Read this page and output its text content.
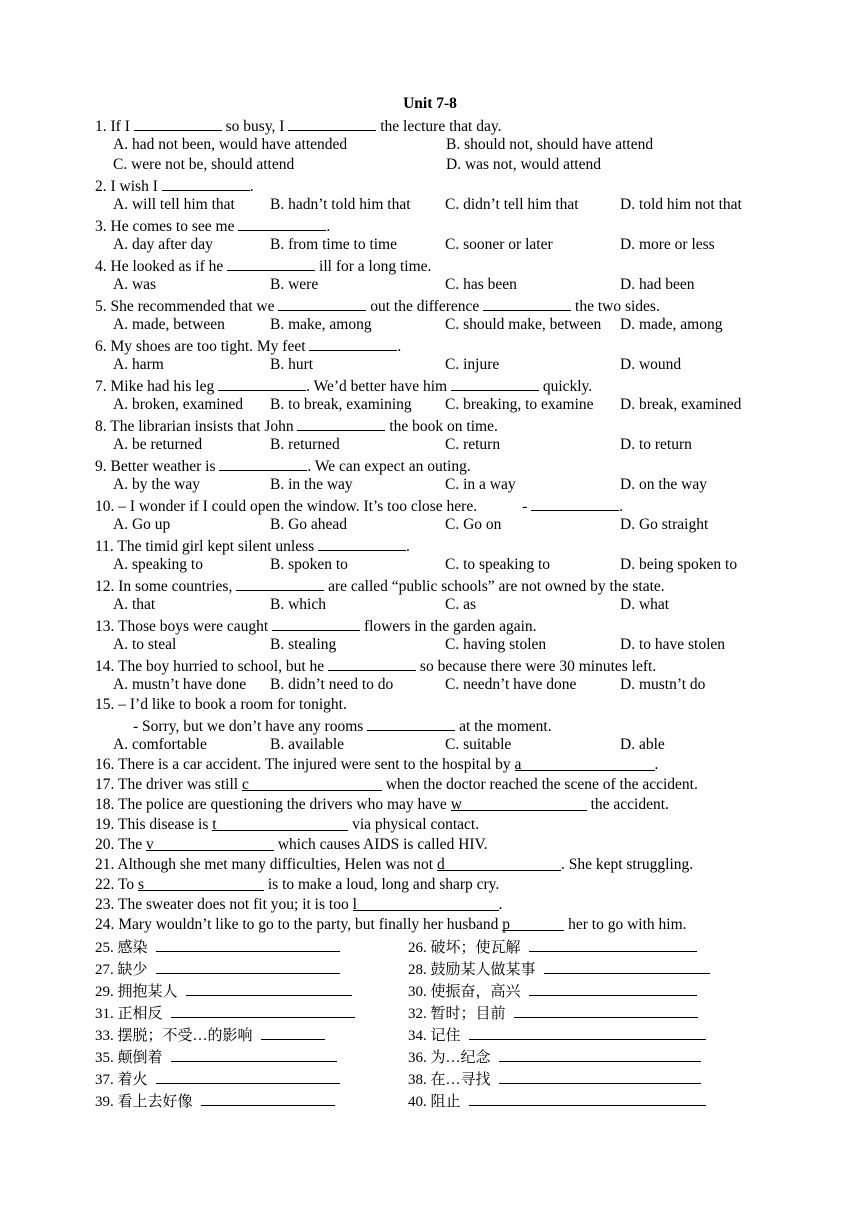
Unit 7-8
1. If I	so busy, I	the lecture that day.
A. had not been, would have attended	B. should not, should have attend
C. were not be, should attend	D. was not, would attend
2. I wish I	.
A. will tell him that B. hadn’t told him that C. didn’t tell him that	D. told him not that
3. He comes to see me	.
A. day after day	B. from time to time	C. sooner or later	D. more or less
4. He looked as if he	ill for a long time.
A. was	B. were	C. has been	D. had been
5. She recommended that we	out the difference	the two sides.
A. made, between	B. make, among	C. should make, between D. made, among
6. My shoes are too tight. My feet	.
A. harm	B. hurt	C. injure	D. wound
7. Mike had his leg	. We’d better have him	quickly.
A. broken, examined B. to break, examining C. breaking, to examine D. break, examined
8. The librarian insists that John	the book on time.
A. be returned	B. returned	C. return	D. to return
9. Better weather is	. We can expect an outing.
A. by the way	B. in the way	C. in a way	D. on the way
10. – I wonder if I could open the window. It’s too close here.	-	.
A. Go up	B. Go ahead	C. Go on	D. Go straight
11. The timid girl kept silent unless	.
A. speaking to	B. spoken to	C. to speaking to	D. being spoken to
12. In some countries,	are called “public schools” are not owned by the state.
A. that	B. which	C. as	D. what
13. Those boys were caught	flowers in the garden again.
A. to steal	B. stealing	C. having stolen	D. to have stolen
14. The boy hurried to school, but he	so because there were 30 minutes left.
A. mustn’t have done B. didn’t need to do	C. needn’t have done	D. mustn’t do
15. – I’d like to book a room for tonight.
- Sorry, but we don’t have any rooms	at the moment.
A. comfortable	B. available	C. suitable	D. able
16. There is a car accident. The injured were sent to the hospital by a	.
17. The driver was still c	when the doctor reached the scene of the accident.
18. The police are questioning the drivers who may have w	the accident.
19. This disease is t	via physical contact.
20. The v	which causes AIDS is called HIV.
21. Although she met many difficulties, Helen was not d	. She kept struggling.
22. To s	is to make a loud, long and sharp cry.
23. The sweater does not fit you; it is too l	.
24. Mary wouldn’t like to go to the party, but finally her husband p	her to go with him.
25. 感染	26. 破坏；使瓦解
27. 缺少	28. 鼓励某人做某事
29. 拥抱某人	30. 使振奋，高兴
31. 正相反	32. 暂时；目前
33. 摆脱；不受…的影响	34. 记住
35. 颠倒着	36. 为…纪念
37. 着火	38. 在…寻找
39. 看上去好像	40. 阻止
